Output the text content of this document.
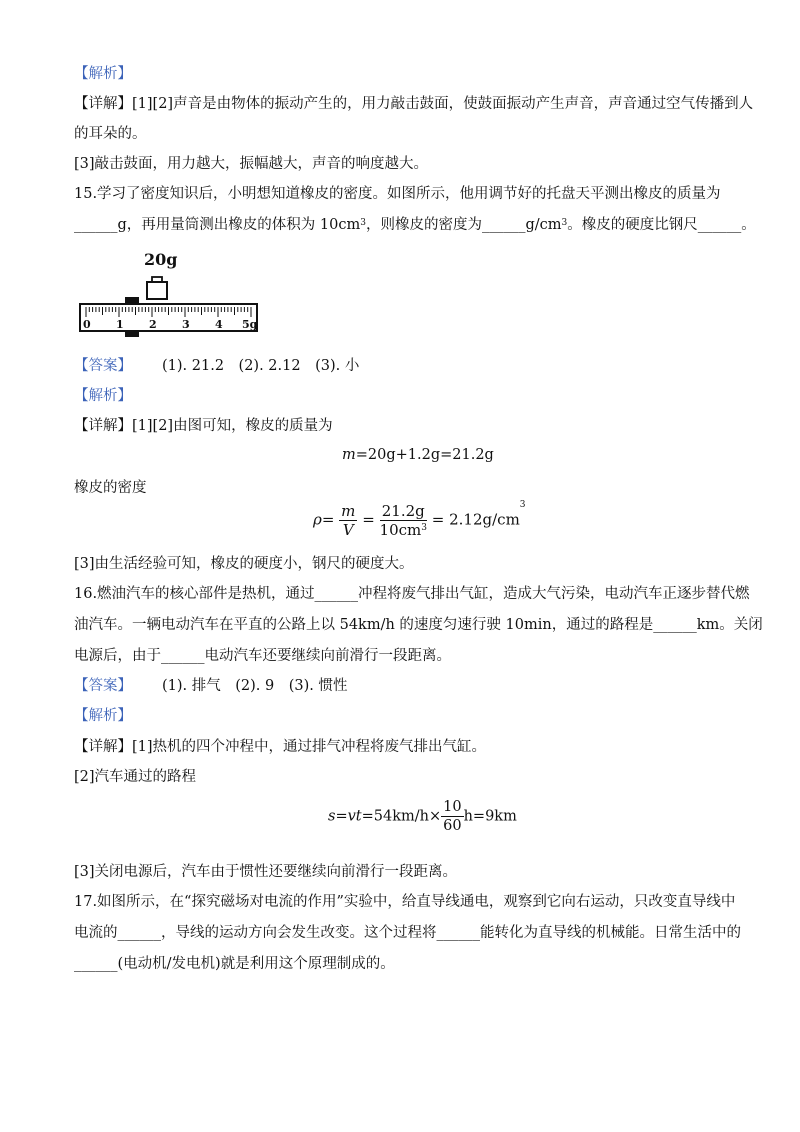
【解析】
【详解】[1][2]声音是由物体的振动产生的，用力敲击鼓面，使鼓面振动产生声音，声音通过空气传播到人
的耳朵的。
[3]敲击鼓面，用力越大，振幅越大，声音的响度越大。
15.学习了密度知识后，小明想知道橡皮的密度。如图所示，他用调节好的托盘天平测出橡皮的质量为
______g，再用量筒测出橡皮的体积为 $10cm^3$，则橡皮的密度为$\_\_\_\_\_\_g/cm^3$。橡皮的硬度比钢尺______。
20g
0 1 2 3 4 5g
【答案】 (1). 21.2　(2). 2.12　(3). 小
【解析】
【详解】[1][2]由图可知，橡皮的质量为
m=20g+1.2g=21.2g
橡皮的密度
$\rho= \frac{m}{V} = \frac{21.2g}{10cm^3} = 2.12g/cm^3$
[3]由生活经验可知，橡皮的硬度小，钢尺的硬度大。
16.燃油汽车的核心部件是热机，通过______冲程将废气排出气缸，造成大气污染，电动汽车正逐步替代燃
油汽车。一辆电动汽车在平直的公路上以 54km/h 的速度匀速行驶 10min，通过的路程是______km。关闭
电源后，由于______电动汽车还要继续向前滑行一段距离。
【答案】 (1). 排气　(2). 9　(3). 惯性
【解析】
【详解】[1]热机的四个冲程中，通过排气冲程将废气排出气缸。
[2]汽车通过的路程
$s=vt=54km/h\times \frac{10}{60} h=9km$
[3]关闭电源后，汽车由于惯性还要继续向前滑行一段距离。
17.如图所示，在“探究磁场对电流的作用”实验中，给直导线通电，观察到它向右运动，只改变直导线中
电流的______，导线的运动方向会发生改变。这个过程将______能转化为直导线的机械能。日常生活中的
______(电动机/发电机)就是利用这个原理制成的。
